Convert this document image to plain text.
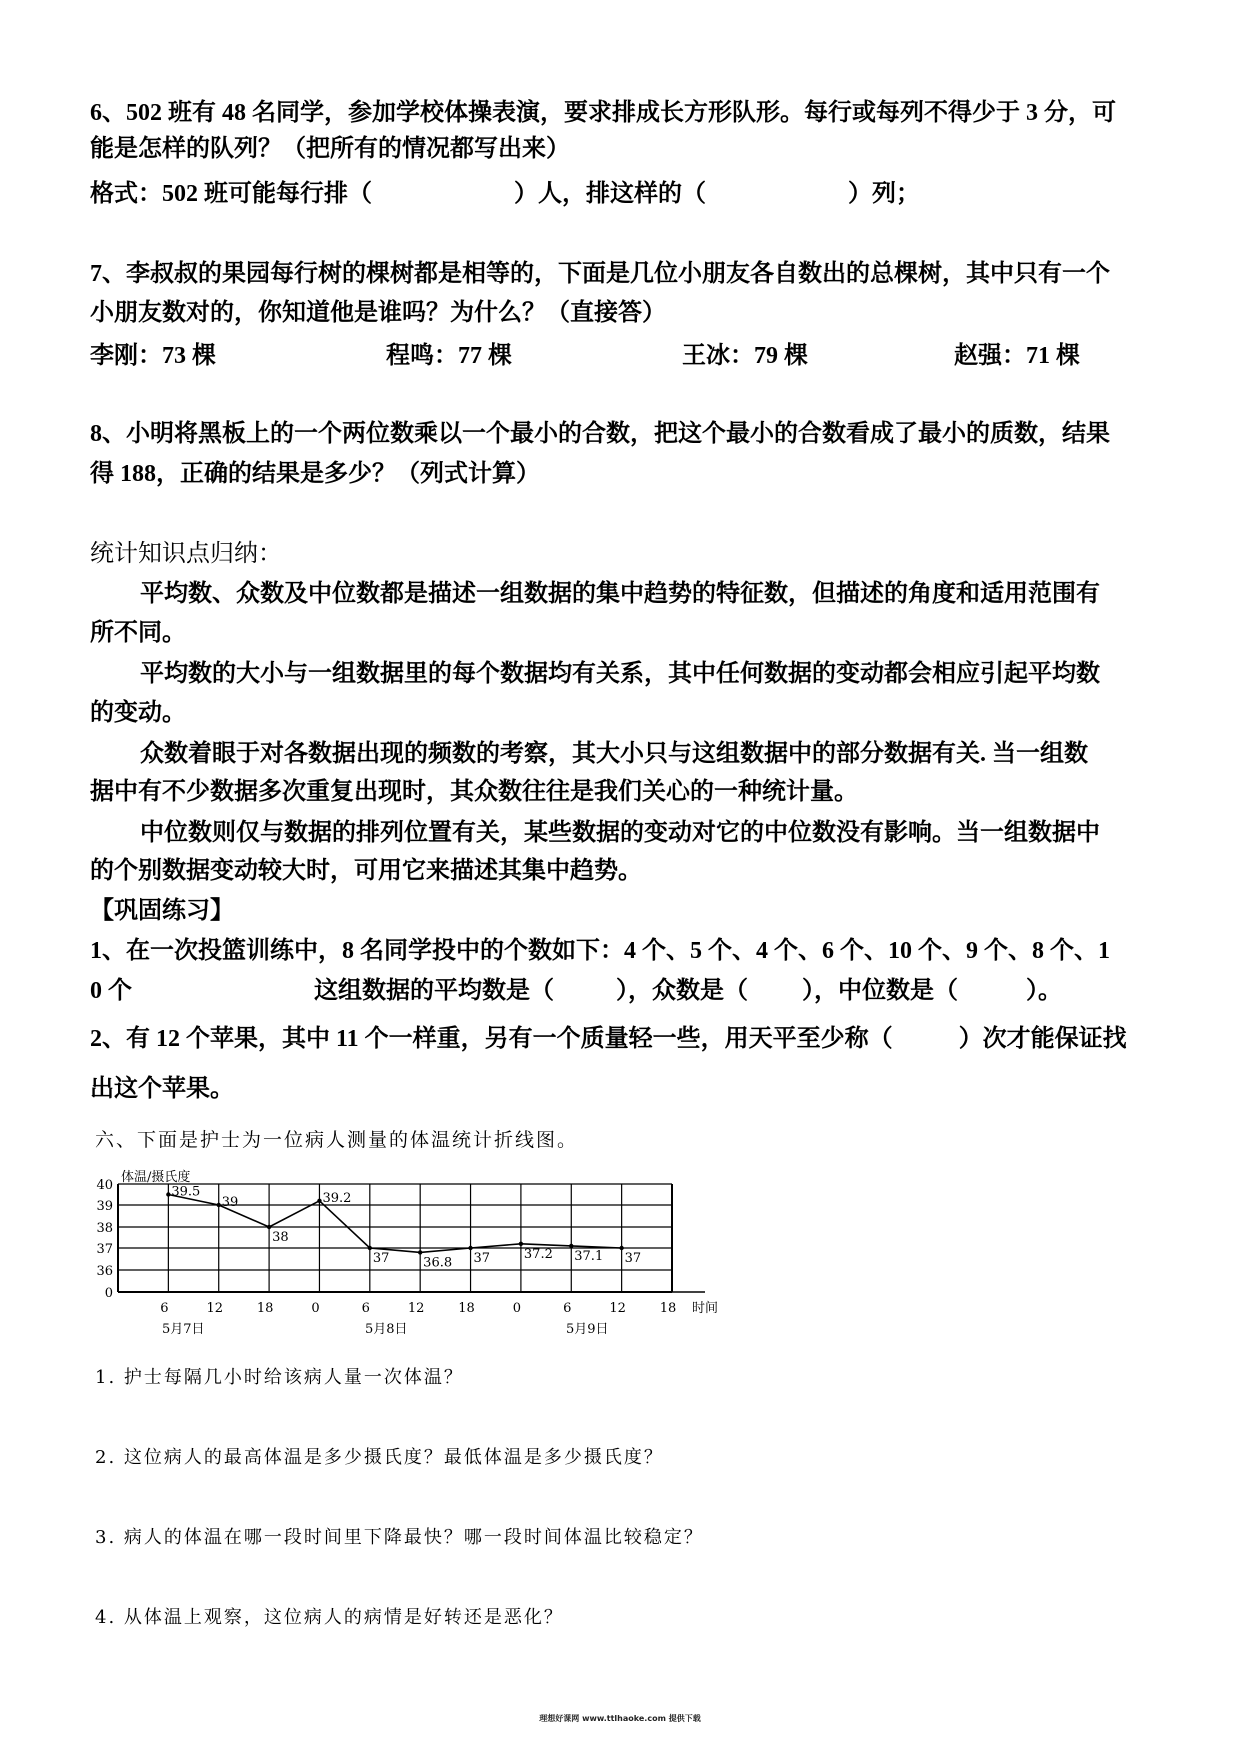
6、502 班有 48 名同学，参加学校体操表演，要求排成长方形队形。每行或每列不得少于 3 分，可
能是怎样的队列？（把所有的情况都写出来）
格式：502 班可能每行排（	）人，排这样的（	）列；
7、李叔叔的果园每行树的棵树都是相等的，下面是几位小朋友各自数出的总棵树，其中只有一个
小朋友数对的，你知道他是谁吗？为什么？（直接答）
李刚：73 棵	程鸣：77 棵	王冰：79 棵	赵强：71 棵
8、小明将黑板上的一个两位数乘以一个最小的合数，把这个最小的合数看成了最小的质数，结果
得 188，正确的结果是多少？（列式计算）
统计知识点归纳：
平均数、众数及中位数都是描述一组数据的集中趋势的特征数，但描述的角度和适用范围有
所不同。
平均数的大小与一组数据里的每个数据均有关系，其中任何数据的变动都会相应引起平均数
的变动。
众数着眼于对各数据出现的频数的考察，其大小只与这组数据中的部分数据有关. 当一组数
据中有不少数据多次重复出现时，其众数往往是我们关心的一种统计量。
中位数则仅与数据的排列位置有关，某些数据的变动对它的中位数没有影响。当一组数据中
的个别数据变动较大时，可用它来描述其集中趋势。
【巩固练习】
1、在一次投篮训练中，8 名同学投中的个数如下：4 个、5 个、4 个、6 个、10 个、9 个、8 个、1
0 个	这组数据的平均数是（	），众数是（ ），中位数是（	）。
2、有 12 个苹果，其中 11 个一样重，另有一个质量轻一些，用天平至少称（	）次才能保证找
出这个苹果。
六、下面是护士为一位病人测量的体温统计折线图。
40
39
38
37
36
0
体温/摄氏度
6	12	18	0	6	12	18	0	6	12	18 时间
5月7日	5月8日	5月9日
39.5
39
38
39.2
37	36.8 37	37.2 37.1 37
1. 护士每隔几小时给该病人量一次体温？
2. 这位病人的最高体温是多少摄氏度？最低体温是多少摄氏度？
3. 病人的体温在哪一段时间里下降最快？哪一段时间体温比较稳定？
4. 从体温上观察，这位病人的病情是好转还是恶化？
理想好课网 www.ttlhaoke.com 提供下载
